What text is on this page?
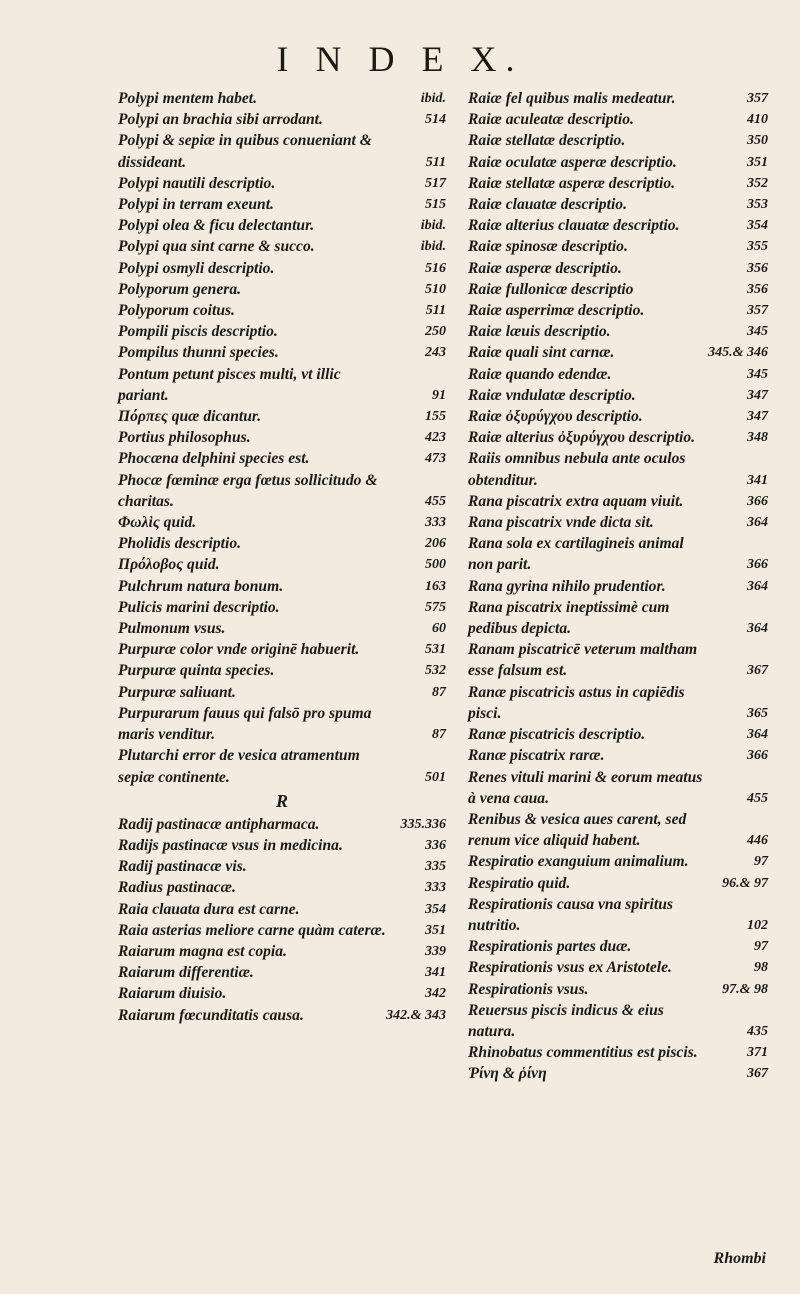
I N D E X.
Polypi mentem habet.	ibid.
Polypi an brachia sibi arrodant.	514
Polypi & sepiæ in quibus conueniant & dissideant.	511
Polypi nautili descriptio.	517
Polypi in terram exeunt.	515
Polypi olea & ficu delectantur.	ibid.
Polypi qua sint carne & succo.	ibid.
Polypi osmyli descriptio.	516
Polyporum genera.	510
Polyporum coitus.	511
Pompili piscis descriptio.	250
Pompilus thunni species.	243
Pontum petunt pisces multi, vt illic pariant.	91
Πόρπες quæ dicantur.	155
Portius philosophus.	423
Phocæna delphini species est.	473
Phocæ fœminæ erga fœtus sollicitudo & charitas.	455
Φωλὶς quid.	333
Pholidis descriptio.	206
Πρόλοβος quid.	500
Pulchrum natura bonum.	163
Pulicis marini descriptio.	575
Pulmonum vsus.	60
Purpuræ color vnde originē habuerit.	531
Purpuræ quinta species.	532
Purpuræ saliuant.	87
Purpurarum fauus qui falsō pro spuma maris venditur.	87
Plutarchi error de vesica atramentum sepiæ continente.	501
R
Radij pastinacæ antipharmaca.	335.336
Radijs pastinacæ vsus in medicina.	336
Radij pastinacæ vis.	335
Radius pastinacæ.	333
Raia clauata dura est carne.	354
Raia asterias meliore carne quàm cateræ.	351
Raiarum magna est copia.	339
Raiarum differentiæ.	341
Raiarum diuisio.	342
Raiarum fœcunditatis causa.	342.& 343
Raiæ fel quibus malis medeatur.	357
Raiæ aculeatæ descriptio.	410
Raiæ stellatæ descriptio.	350
Raiæ oculatæ asperæ descriptio.	351
Raiæ stellatæ asperæ descriptio.	352
Raiæ clauatæ descriptio.	353
Raiæ alterius clauatæ descriptio.	354
Raiæ spinosæ descriptio.	355
Raiæ asperæ descriptio.	356
Raiæ fullonicæ descriptio	356
Raiæ asperrimæ descriptio.	357
Raiæ læuis descriptio.	345
Raiæ quali sint carnæ.	345.& 346
Raiæ quando edendæ.	345
Raiæ vndulatæ descriptio.	347
Raiæ ὀξυρύγχου descriptio.	347
Raiæ alterius ὀξυρύγχου descriptio.	348
Raiis omnibus nebula ante oculos obtenditur.	341
Rana piscatrix extra aquam viuit.	366
Rana piscatrix vnde dicta sit.	364
Rana sola ex cartilagineis animal non parit.	366
Rana gyrina nihilo prudentior.	364
Rana piscatrix ineptissimè cum pedibus depicta.	364
Ranam piscatricē veterum maltham esse falsum est.	367
Ranæ piscatricis astus in capiēdis pisci.	365
Ranæ piscatricis descriptio.	364
Ranæ piscatrix raræ.	366
Renes vituli marini & eorum meatus à vena caua.	455
Renibus & vesica aues carent, sed renum vice aliquid habent.	446
Respiratio exanguium animalium.	97
Respiratio quid.	96.& 97
Respirationis causa vna spiritus nutritio.	102
Respirationis partes duæ.	97
Respirationis vsus ex Aristotele.	98
Respirationis vsus.	97.& 98
Reuersus piscis indicus & eius natura.	435
Rhinobatus commentitius est piscis.	371
Ῥίνη & ῥίνη	367
Rhombi
